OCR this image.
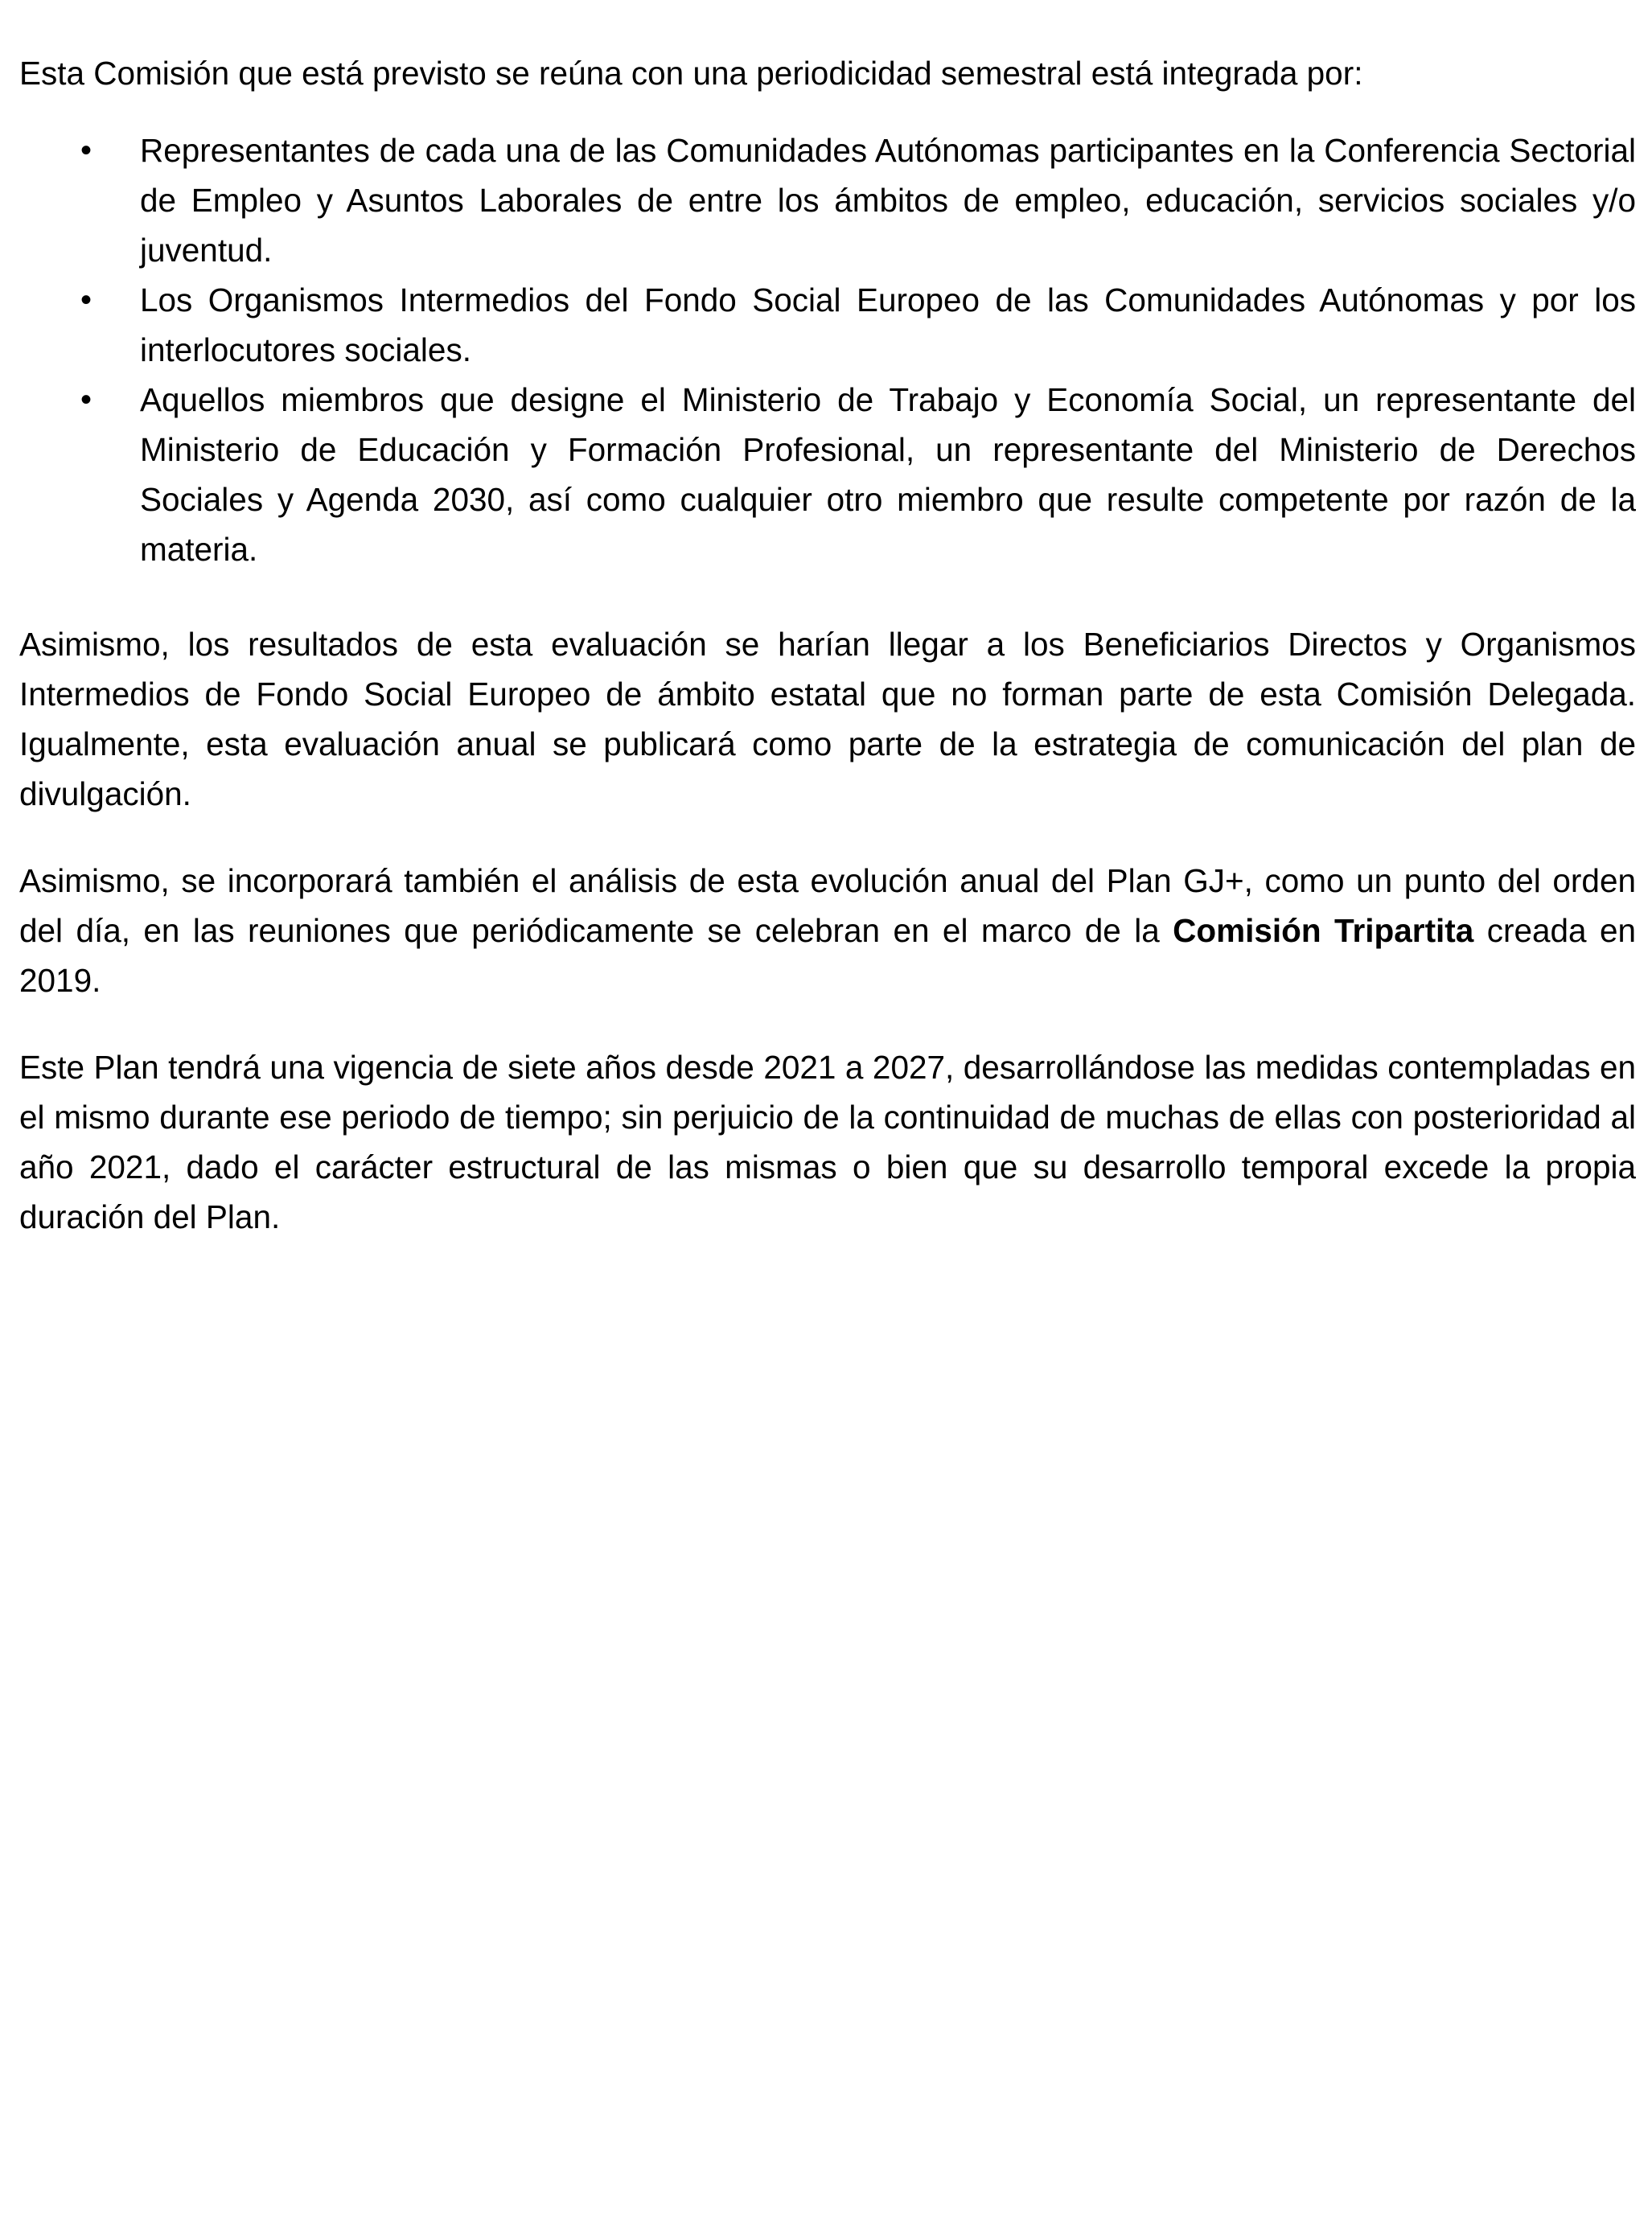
Esta Comisión que está previsto se reúna con una periodicidad semestral está integrada por:

• Representantes de cada una de las Comunidades Autónomas participantes en la Conferencia Sectorial de Empleo y Asuntos Laborales de entre los ámbitos de empleo, educación, servicios sociales y/o juventud.
• Los Organismos Intermedios del Fondo Social Europeo de las Comunidades Autónomas y por los interlocutores sociales.
• Aquellos miembros que designe el Ministerio de Trabajo y Economía Social, un representante del Ministerio de Educación y Formación Profesional, un representante del Ministerio de Derechos Sociales y Agenda 2030, así como cualquier otro miembro que resulte competente por razón de la materia.

Asimismo, los resultados de esta evaluación se harían llegar a los Beneficiarios Directos y Organismos Intermedios de Fondo Social Europeo de ámbito estatal que no forman parte de esta Comisión Delegada. Igualmente, esta evaluación anual se publicará como parte de la estrategia de comunicación del plan de divulgación.

Asimismo, se incorporará también el análisis de esta evolución anual del Plan GJ+, como un punto del orden del día, en las reuniones que periódicamente se celebran en el marco de la Comisión Tripartita creada en 2019.

Este Plan tendrá una vigencia de siete años desde 2021 a 2027, desarrollándose las medidas contempladas en el mismo durante ese periodo de tiempo; sin perjuicio de la continuidad de muchas de ellas con posterioridad al año 2021, dado el carácter estructural de las mismas o bien que su desarrollo temporal excede la propia duración del Plan.
